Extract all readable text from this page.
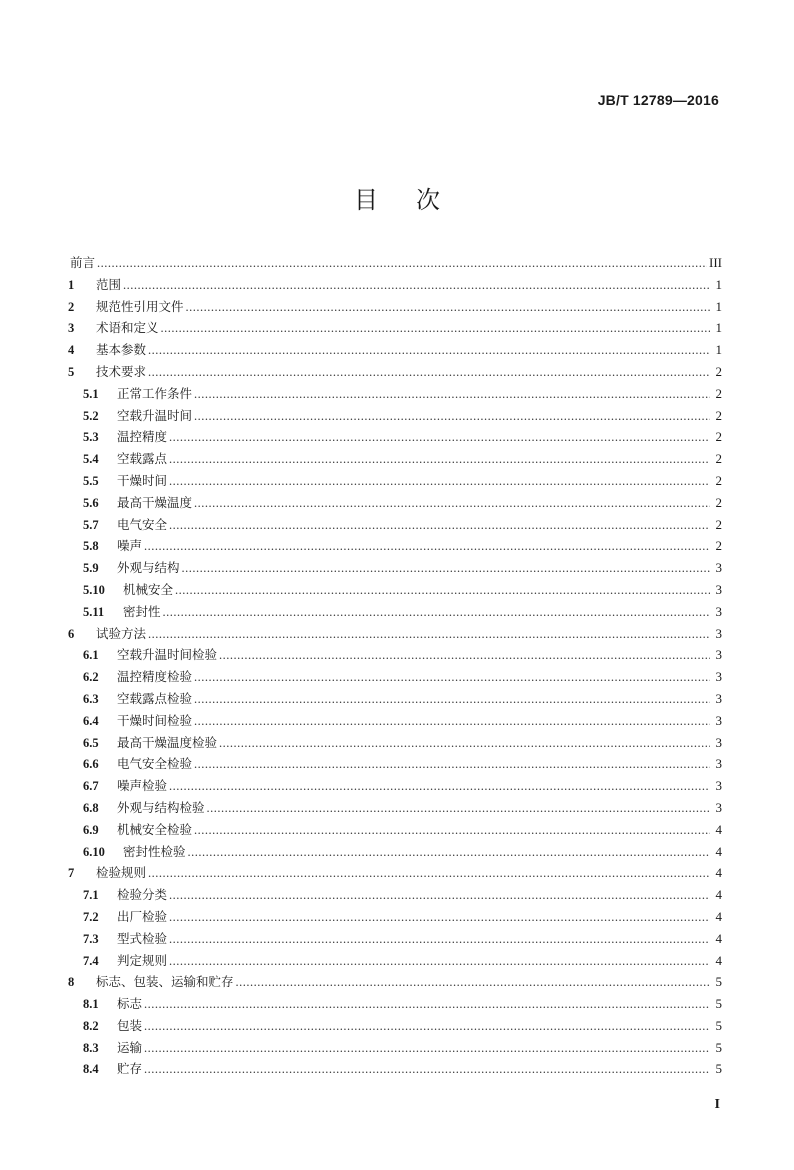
JB/T 12789—2016
目次
前言 .....	III
1	范围 .....	1
2	规范性引用文件 .....	1
3	术语和定义 .....	1
4	基本参数 .....	1
5	技术要求 .....	2
5.1	正常工作条件 .....	2
5.2	空载升温时间 .....	2
5.3	温控精度 .....	2
5.4	空载露点 .....	2
5.5	干燥时间 .....	2
5.6	最高干燥温度 .....	2
5.7	电气安全 .....	2
5.8	噪声 .....	2
5.9	外观与结构 .....	3
5.10	机械安全 .....	3
5.11	密封性 .....	3
6	试验方法 .....	3
6.1	空载升温时间检验 .....	3
6.2	温控精度检验 .....	3
6.3	空载露点检验 .....	3
6.4	干燥时间检验 .....	3
6.5	最高干燥温度检验 .....	3
6.6	电气安全检验 .....	3
6.7	噪声检验 .....	3
6.8	外观与结构检验 .....	3
6.9	机械安全检验 .....	4
6.10	密封性检验 .....	4
7	检验规则 .....	4
7.1	检验分类 .....	4
7.2	出厂检验 .....	4
7.3	型式检验 .....	4
7.4	判定规则 .....	4
8	标志、包装、运输和贮存 .....	5
8.1	标志 .....	5
8.2	包装 .....	5
8.3	运输 .....	5
8.4	贮存 .....	5
I
